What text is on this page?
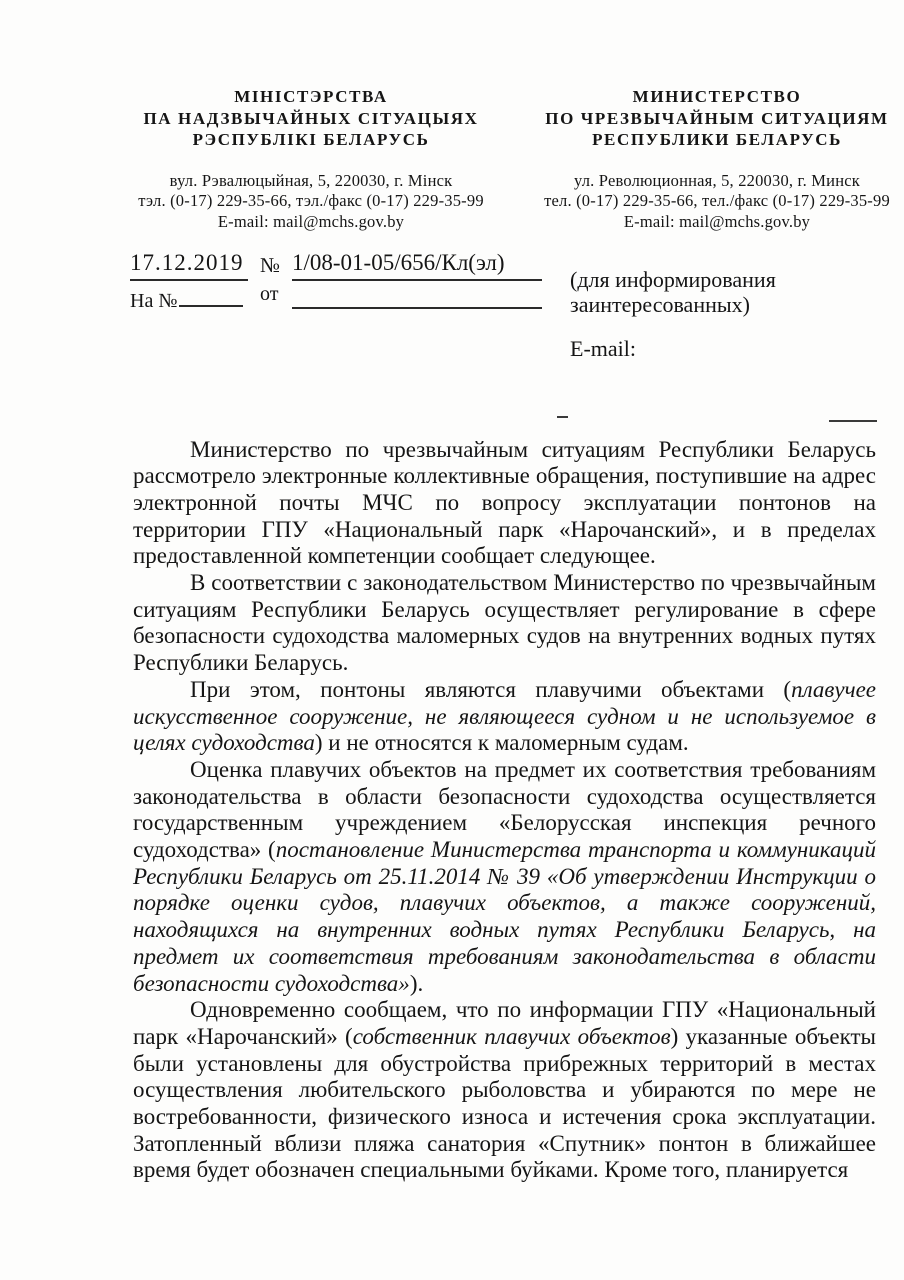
МІНІСТЭРСТВА
ПА НАДЗВЫЧАЙНЫХ СІТУАЦЫЯХ
РЭСПУБЛІКІ БЕЛАРУСЬ
вул. Рэвалюцыйная, 5, 220030, г. Мінск
тэл. (0-17) 229-35-66, тэл./факс (0-17) 229-35-99
E-mail: mail@mchs.gov.by
МИНИСТЕРСТВО
ПО ЧРЕЗВЫЧАЙНЫМ СИТУАЦИЯМ
РЕСПУБЛИКИ БЕЛАРУСЬ
ул. Революционная, 5, 220030, г. Минск
тел. (0-17) 229-35-66, тел./факс (0-17) 229-35-99
E-mail: mail@mchs.gov.by
17.12.2019 № 1/08-01-05/656/Кл(эл)
На №	от
(для информирования
заинтересованных)
E-mail:

Министерство по чрезвычайным ситуациям Республики Беларусь рассмотрело электронные коллективные обращения, поступившие на адрес электронной почты МЧС по вопросу эксплуатации понтонов на территории ГПУ «Национальный парк «Нарочанский», и в пределах предоставленной компетенции сообщает следующее.

В соответствии с законодательством Министерство по чрезвычайным ситуациям Республики Беларусь осуществляет регулирование в сфере безопасности судоходства маломерных судов на внутренних водных путях Республики Беларусь.

При этом, понтоны являются плавучими объектами (плавучее искусственное сооружение, не являющееся судном и не используемое в целях судоходства) и не относятся к маломерным судам.

Оценка плавучих объектов на предмет их соответствия требованиям законодательства в области безопасности судоходства осуществляется государственным учреждением «Белорусская инспекция речного судоходства» (постановление Министерства транспорта и коммуникаций Республики Беларусь от 25.11.2014 № 39 «Об утверждении Инструкции о порядке оценки судов, плавучих объектов, а также сооружений, находящихся на внутренних водных путях Республики Беларусь, на предмет их соответствия требованиям законодательства в области безопасности судоходства»).

Одновременно сообщаем, что по информации ГПУ «Национальный парк «Нарочанский» (собственник плавучих объектов) указанные объекты были установлены для обустройства прибрежных территорий в местах осуществления любительского рыболовства и убираются по мере не востребованности, физического износа и истечения срока эксплуатации. Затопленный вблизи пляжа санатория «Спутник» понтон в ближайшее время будет обозначен специальными буйками. Кроме того, планируется
